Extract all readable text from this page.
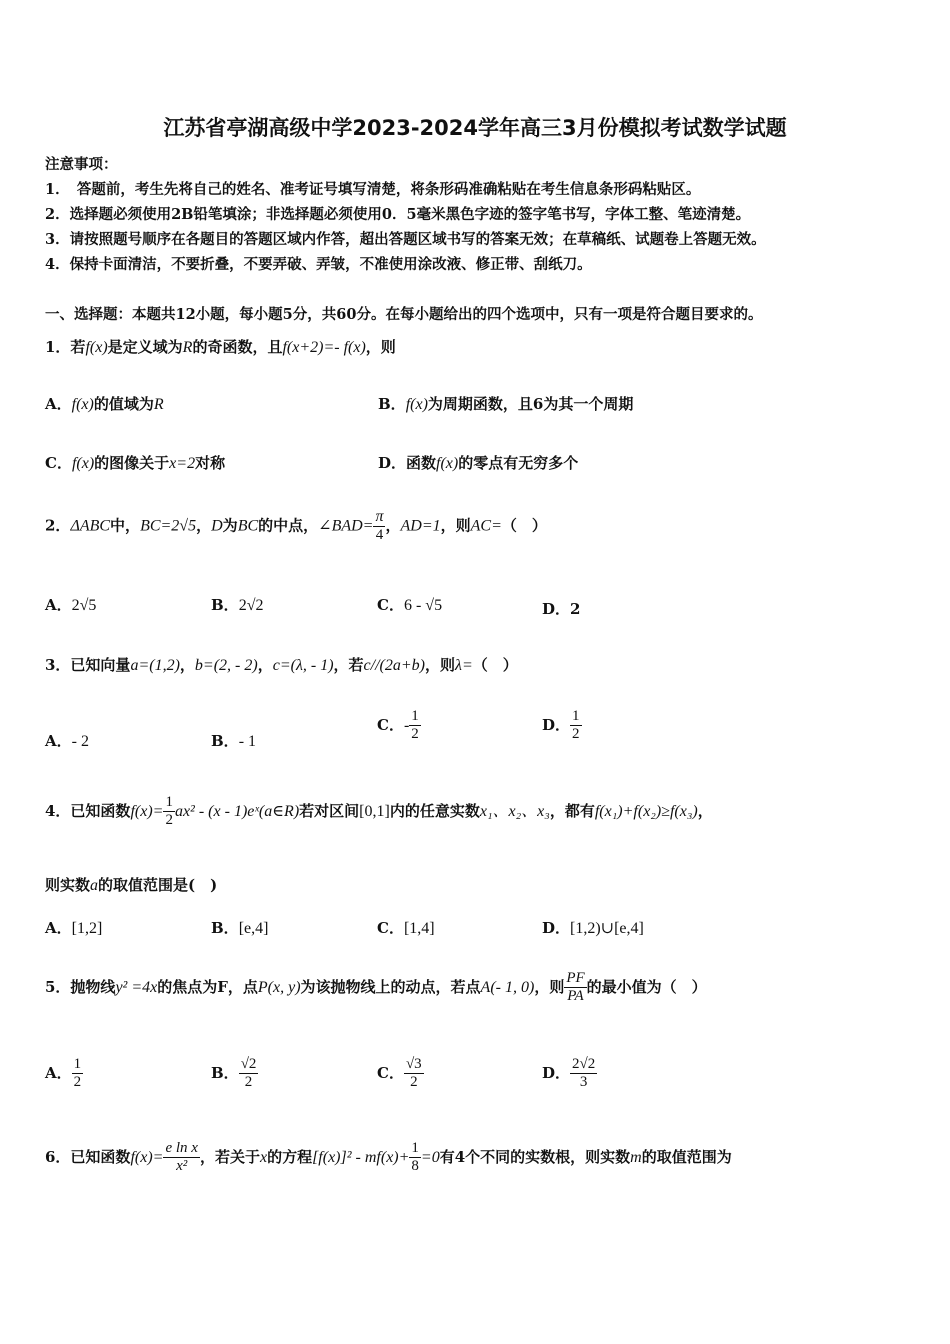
江苏省亭湖高级中学2023-2024学年高三3月份模拟考试数学试题
注意事项：
1．　答题前，考生先将自己的姓名、准考证号填写清楚，将条形码准确粘贴在考生信息条形码粘贴区。
2．选择题必须使用2B铅笔填涂；非选择题必须使用0．5毫米黑色字迹的签字笔书写，字体工整、笔迹清楚。
3．请按照题号顺序在各题目的答题区域内作答，超出答题区域书写的答案无效；在草稿纸、试题卷上答题无效。
4．保持卡面清洁，不要折叠，不要弄破、弄皱，不准使用涂改液、修正带、刮纸刀。
一、选择题：本题共12小题，每小题5分，共60分。在每小题给出的四个选项中，只有一项是符合题目要求的。
1．若f(x)是定义域为R的奇函数，且f(x+2)=- f(x)，则
A．f(x)的值域为R	B．f(x)为周期函数，且6为其一个周期
C．f(x)的图像关于x=2对称	D．函数f(x)的零点有无穷多个
2．ΔABC中，BC=2√5，D为BC的中点，∠BAD= $\frac{\pi}{4}$ ，AD=1，则AC=（　）
A．2√5	B．2√2	C．6 - √5	D．2
3．已知向量a=(1,2)，b=(2, - 2)，c=(λ, - 1)，若c//(2a+b)，则λ=（　）
A．- 2	B．- 1
C．- $\frac{1}{2}$	D． $\frac{1}{2}$
4．已知函数$f(x)= \frac{1}{2} ax^2 - (x$ - 1)eˣ(a∈R)若对区间[0,1]内的任意实数x₁、x₂、x₃，都有f(x₁)+f(x₂)≥f(x₃)，
则实数a的取值范围是(　)
A．[1,2]	B．[e,4]	C．[1,4]	D．[1,2)∪[e,4]
5．抛物线y² =4x的焦点为F，点P(x, y)为该抛物线上的动点，若点A(- 1, 0)，则 $\frac{PF}{PA}$ 的最小值为（　）
A． $\frac{1}{2}$	B． $\frac{√2}{2}$	C． $\frac{√3}{2}$	D． $\frac{2√2}{3}$
6．已知函数$f(x)= \frac{\text{e ln x}}{\text{x²}}$ ，若关于x的方程$[f(x)]^2 - mf(x)+ \frac{1}{8} =0$有4个不同的实数根，则实数m的取值范围为
